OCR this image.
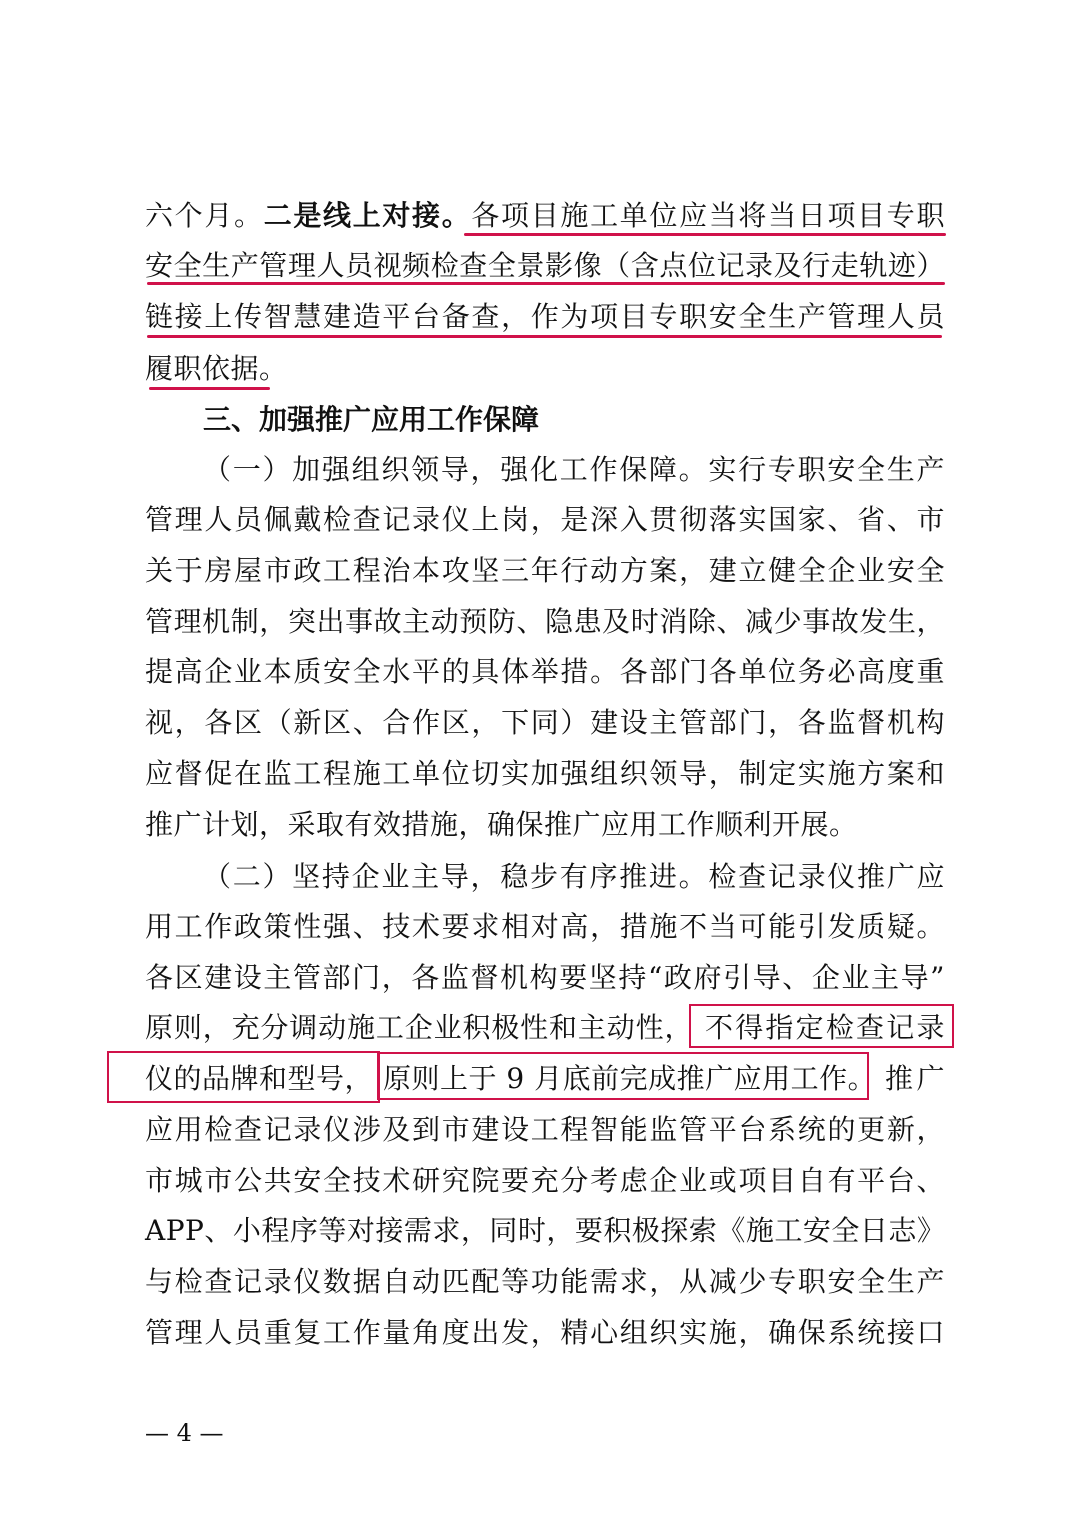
六个月。二是线上对接。各项目施工单位应当将当日项目专职
安全生产管理人员视频检查全景影像（含点位记录及行走轨迹）
链接上传智慧建造平台备查，作为项目专职安全生产管理人员
履职依据。
三、加强推广应用工作保障
（一）加强组织领导，强化工作保障。实行专职安全生产
管理人员佩戴检查记录仪上岗，是深入贯彻落实国家、省、市
关于房屋市政工程治本攻坚三年行动方案，建立健全企业安全
管理机制，突出事故主动预防、隐患及时消除、减少事故发生，
提高企业本质安全水平的具体举措。各部门各单位务必高度重
视，各区（新区、合作区，下同）建设主管部门，各监督机构
应督促在监工程施工单位切实加强组织领导，制定实施方案和
推广计划，采取有效措施，确保推广应用工作顺利开展。
（二）坚持企业主导，稳步有序推进。检查记录仪推广应
用工作政策性强、技术要求相对高，措施不当可能引发质疑。
各区建设主管部门，各监督机构要坚持“政府引导、企业主导”
原则，充分调动施工企业积极性和主动性， 不得指定检查记录
仪的品牌和型号， 原则上于 9 月底前完成推广应用工作。 推广
应用检查记录仪涉及到市建设工程智能监管平台系统的更新，
市城市公共安全技术研究院要充分考虑企业或项目自有平台、
APP、小程序等对接需求，同时，要积极探索《施工安全日志》
与检查记录仪数据自动匹配等功能需求，从减少专职安全生产
管理人员重复工作量角度出发，精心组织实施，确保系统接口
— 4 —
